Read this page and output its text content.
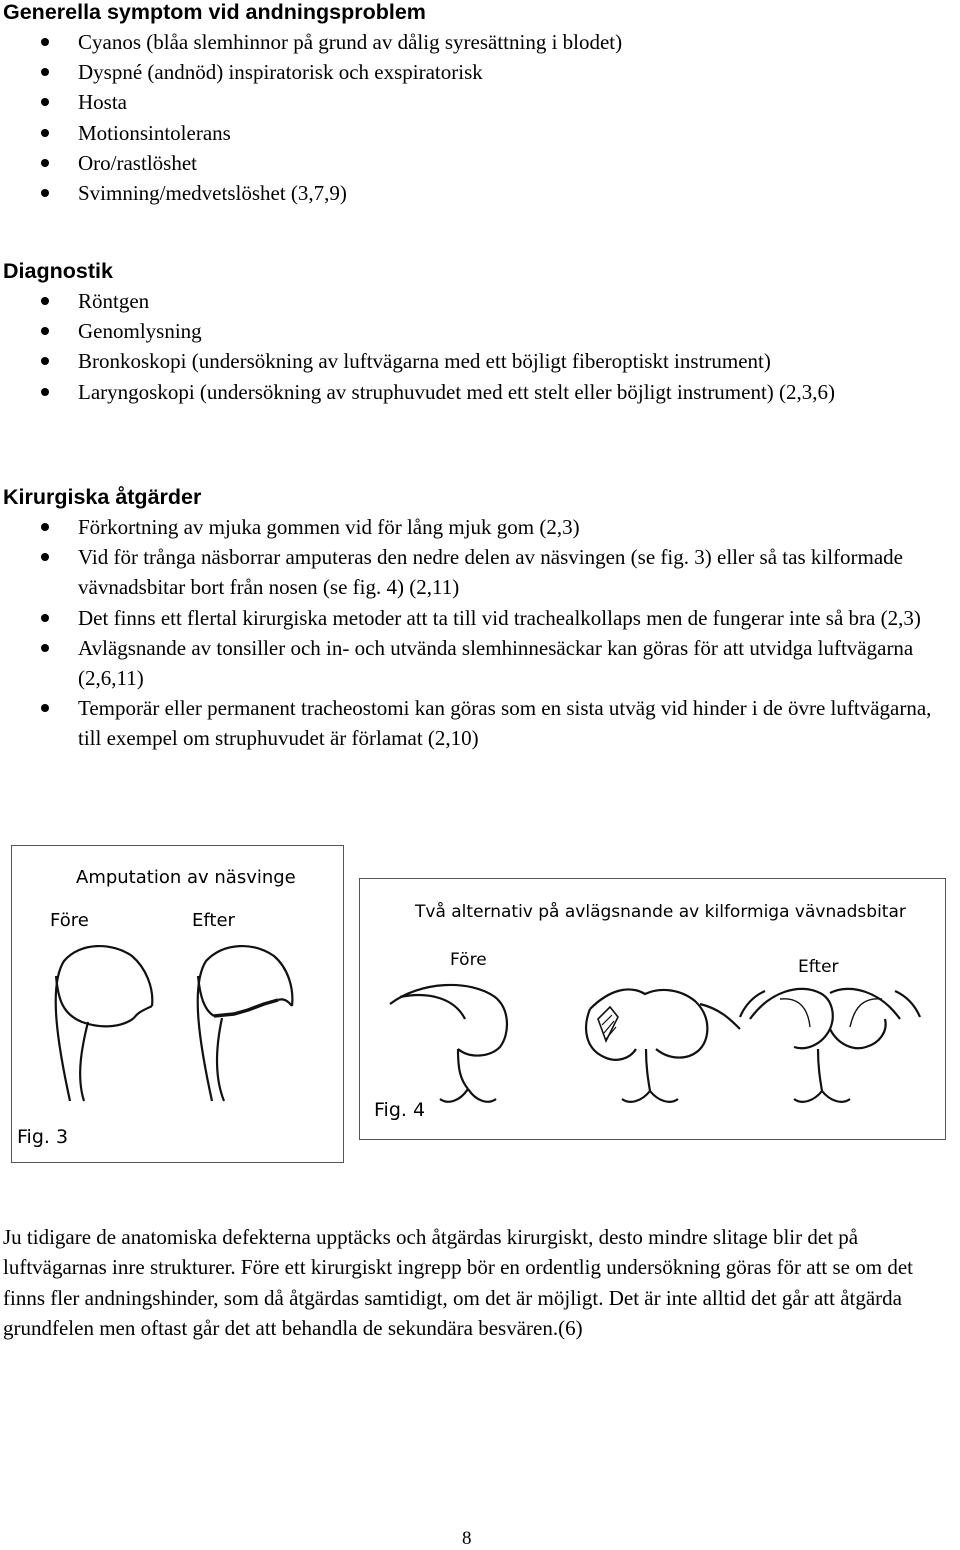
Generella symptom vid andningsproblem
Cyanos (blåa slemhinnor på grund av dålig syresättning i blodet)
Dyspné (andnöd) inspiratorisk och exspiratorisk
Hosta
Motionsintolerans
Oro/rastlöshet
Svimning/medvetslöshet (3,7,9)
Diagnostik
Röntgen
Genomlysning
Bronkoskopi (undersökning av luftvägarna med ett böjligt fiberoptiskt instrument)
Laryngoskopi (undersökning av struphuvudet med ett stelt eller böjligt instrument) (2,3,6)
Kirurgiska åtgärder
Förkortning av mjuka gommen vid för lång mjuk gom (2,3)
Vid för trånga näsborrar amputeras den nedre delen av näsvingen (se fig. 3) eller så tas kilformade vävnadsbitar bort från nosen (se fig. 4) (2,11)
Det finns ett flertal kirurgiska metoder att ta till vid trachealkollaps men de fungerar inte så bra (2,3)
Avlägsnande av tonsiller och in- och utvända slemhinnesäckar kan göras för att utvidga luftvägarna (2,6,11)
Temporär eller permanent tracheostomi kan göras som en sista utväg vid hinder i de övre luftvägarna, till exempel om struphuvudet är förlamat (2,10)
Amputation av näsvinge
Före	Efter
Fig. 3
Två alternativ på avlägsnande av kilformiga vävnadsbitar
Före	Efter
Fig. 4

Ju tidigare de anatomiska defekterna upptäcks och åtgärdas kirurgiskt, desto mindre slitage blir det på luftvägarnas inre strukturer. Före ett kirurgiskt ingrepp bör en ordentlig undersökning göras för att se om det finns fler andningshinder, som då åtgärdas samtidigt, om det är möjligt. Det är inte alltid det går att åtgärda grundfelen men oftast går det att behandla de sekundära besvären.(6)

8
